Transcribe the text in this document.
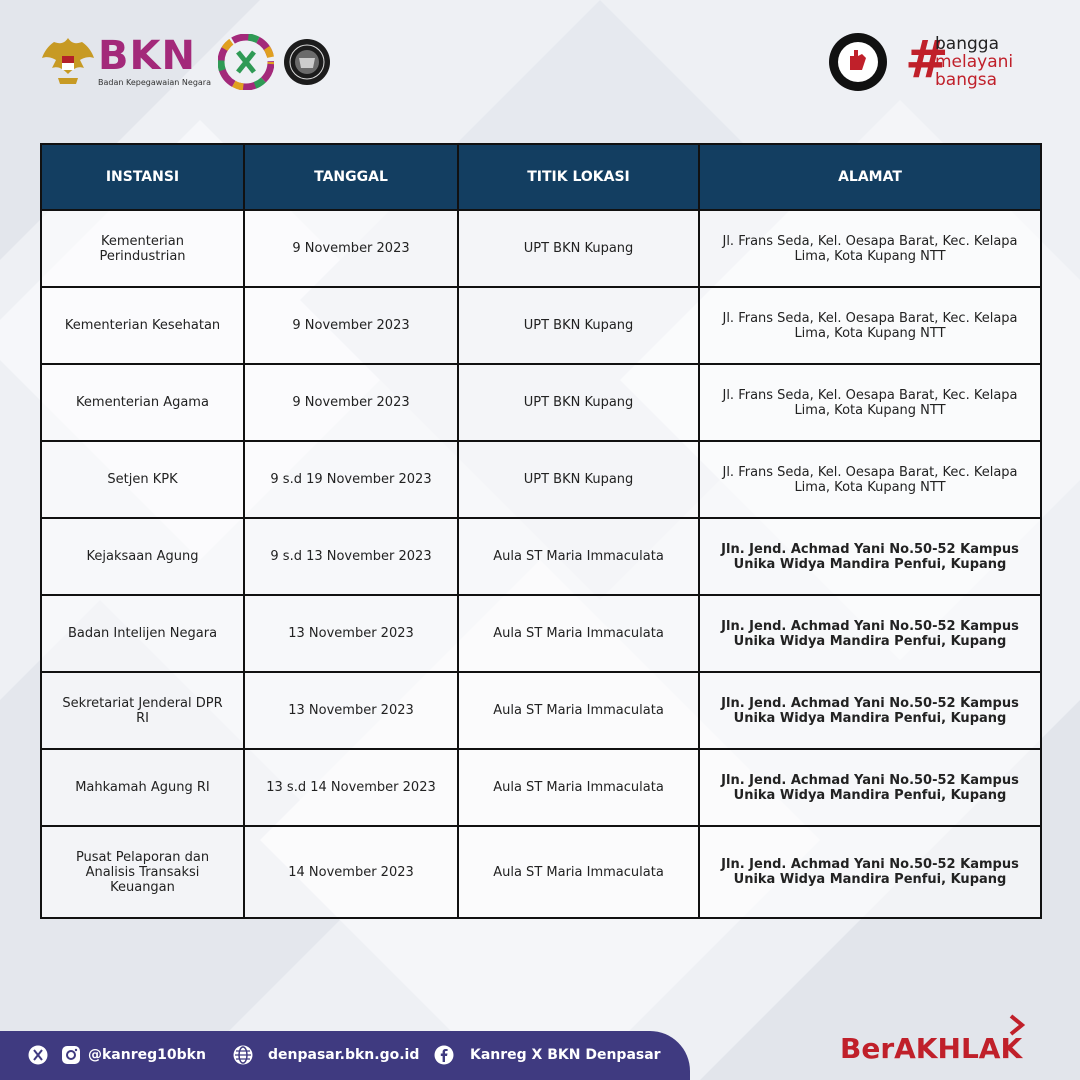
BKN
Badan Kepegawaian Negara	#
bangga
melayani
bangsa
INSTANSI	TANGGAL	TITIK LOKASI	ALAMAT
Kementerian Perindustrian	9 November 2023	UPT BKN Kupang	Jl. Frans Seda, Kel. Oesapa Barat, Kec. Kelapa Lima, Kota Kupang NTT
Kementerian Kesehatan	9 November 2023	UPT BKN Kupang	Jl. Frans Seda, Kel. Oesapa Barat, Kec. Kelapa Lima, Kota Kupang NTT
Kementerian Agama	9 November 2023	UPT BKN Kupang	Jl. Frans Seda, Kel. Oesapa Barat, Kec. Kelapa Lima, Kota Kupang NTT
Setjen KPK	9 s.d 19 November 2023	UPT BKN Kupang	Jl. Frans Seda, Kel. Oesapa Barat, Kec. Kelapa Lima, Kota Kupang NTT
Kejaksaan Agung	9 s.d 13 November 2023	Aula ST Maria Immaculata	Jln. Jend. Achmad Yani No.50-52 Kampus Unika Widya Mandira Penfui, Kupang
Badan Intelijen Negara	13 November 2023	Aula ST Maria Immaculata	Jln. Jend. Achmad Yani No.50-52 Kampus Unika Widya Mandira Penfui, Kupang
Sekretariat Jenderal DPR RI	13 November 2023	Aula ST Maria Immaculata	Jln. Jend. Achmad Yani No.50-52 Kampus Unika Widya Mandira Penfui, Kupang
Mahkamah Agung RI	13 s.d 14 November 2023	Aula ST Maria Immaculata	Jln. Jend. Achmad Yani No.50-52 Kampus Unika Widya Mandira Penfui, Kupang
Pusat Pelaporan dan Analisis Transaksi Keuangan	14 November 2023	Aula ST Maria Immaculata	Jln. Jend. Achmad Yani No.50-52 Kampus Unika Widya Mandira Penfui, Kupang
@kanreg10bkn	denpasar.bkn.go.id	Kanreg X BKN Denpasar	BerAKHLAK
